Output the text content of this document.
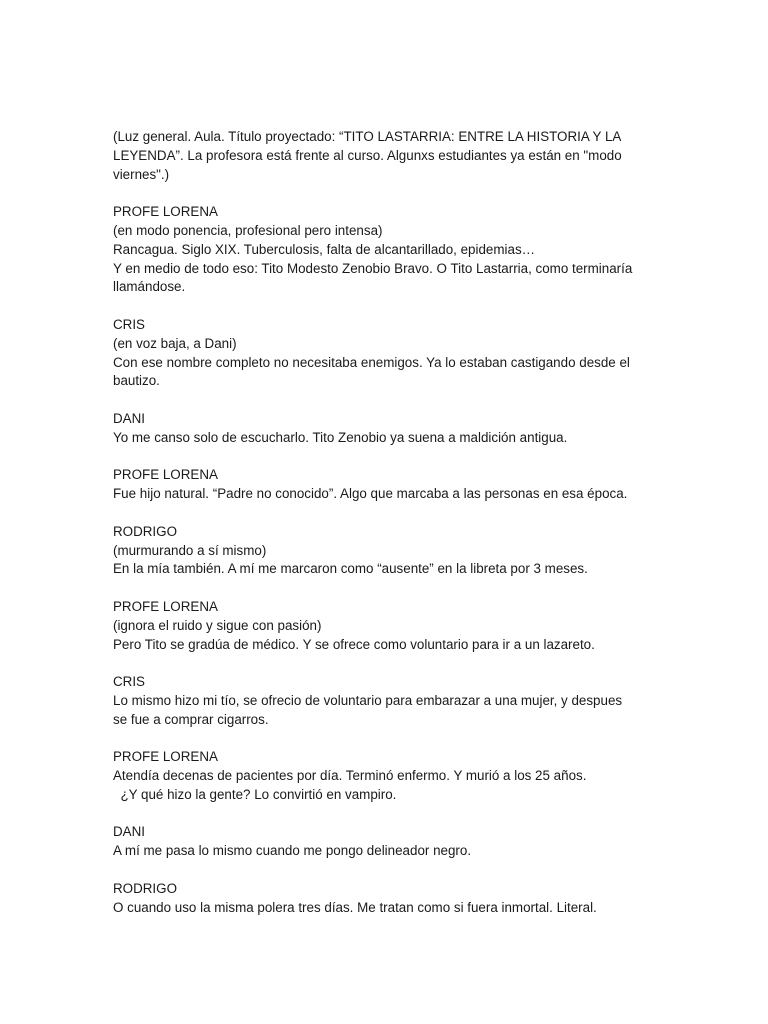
(Luz general. Aula. Título proyectado: “TITO LASTARRIA: ENTRE LA HISTORIA Y LA
LEYENDA”. La profesora está frente al curso. Algunxs estudiantes ya están en "modo
viernes".)
PROFE LORENA
(en modo ponencia, profesional pero intensa)
Rancagua. Siglo XIX. Tuberculosis, falta de alcantarillado, epidemias…
Y en medio de todo eso: Tito Modesto Zenobio Bravo. O Tito Lastarria, como terminaría
llamándose.
CRIS
(en voz baja, a Dani)
Con ese nombre completo no necesitaba enemigos. Ya lo estaban castigando desde el
bautizo.
DANI
Yo me canso solo de escucharlo. Tito Zenobio ya suena a maldición antigua.
PROFE LORENA
Fue hijo natural. “Padre no conocido”. Algo que marcaba a las personas en esa época.
RODRIGO
(murmurando a sí mismo)
En la mía también. A mí me marcaron como “ausente” en la libreta por 3 meses.
PROFE LORENA
(ignora el ruido y sigue con pasión)
Pero Tito se gradúa de médico. Y se ofrece como voluntario para ir a un lazareto.
CRIS
Lo mismo hizo mi tío, se ofrecio de voluntario para embarazar a una mujer, y despues
se fue a comprar cigarros.
PROFE LORENA
Atendía decenas de pacientes por día. Terminó enfermo. Y murió a los 25 años.
¿Y qué hizo la gente? Lo convirtió en vampiro.
DANI
A mí me pasa lo mismo cuando me pongo delineador negro.
RODRIGO
O cuando uso la misma polera tres días. Me tratan como si fuera inmortal. Literal.
